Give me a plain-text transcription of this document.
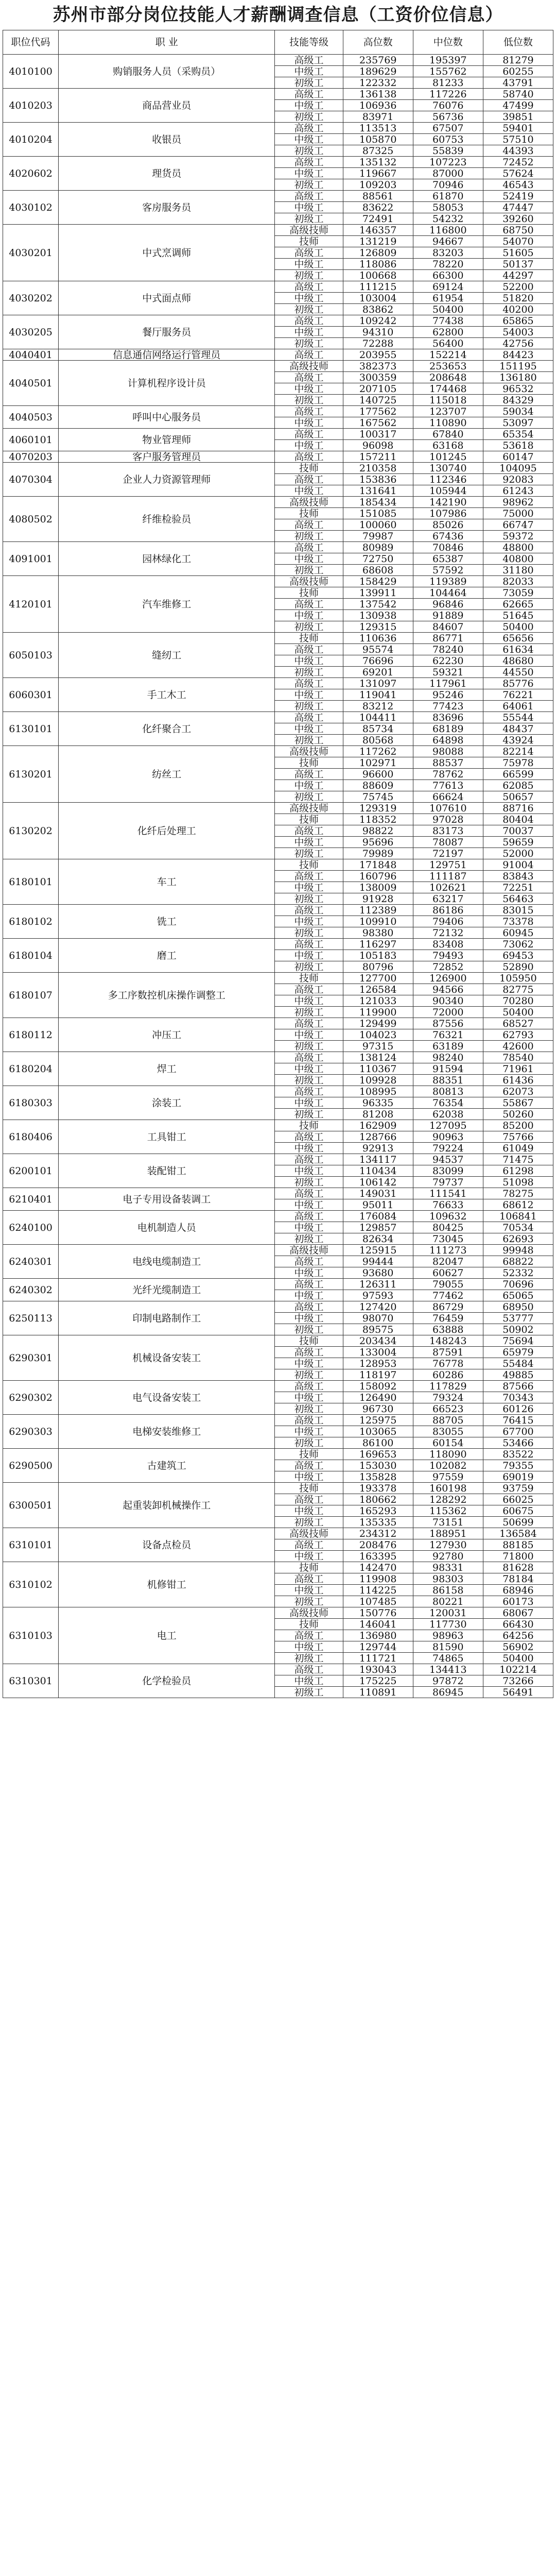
苏州市部分岗位技能人才薪酬调查信息（工资价位信息）
职位代码	职 业	技能等级	高位数	中位数	低位数
4010100	购销服务人员（采购员）	高级工	235769	195397	81279
		中级工	189629	155762	60255
		初级工	122332	81233	43791
4010203	商品营业员	高级工	136138	117226	58740
		中级工	106936	76076	47499
		初级工	83971	56736	39851
4010204	收银员	高级工	113513	67507	59401
		中级工	105870	60753	57510
		初级工	87325	55839	44393
4020602	理货员	高级工	135132	107223	72452
		中级工	119667	87000	57624
		初级工	109203	70946	46543
4030102	客房服务员	高级工	88561	61870	52419
		中级工	83622	58053	47447
		初级工	72491	54232	39260
4030201	中式烹调师	高级技师	146357	116800	68750
		技师	131219	94667	54070
		高级工	126809	83203	51605
		中级工	118086	78220	50137
		初级工	100668	66300	44297
4030202	中式面点师	高级工	111215	69124	52200
		中级工	103004	61954	51820
		初级工	83862	50400	40200
4030205	餐厅服务员	高级工	109242	77438	65865
		中级工	94310	62800	54003
		初级工	72288	56400	42756
4040401	信息通信网络运行管理员	高级工	203955	152214	84423
4040501	计算机程序设计员	高级技师	382373	253653	151195
		高级工	300359	208648	136180
		中级工	207105	174468	96532
		初级工	140725	115018	84329
4040503	呼叫中心服务员	高级工	177562	123707	59034
		中级工	167562	110890	53097
4060101	物业管理师	高级工	100317	67840	65354
		中级工	96098	63168	53618
4070203	客户服务管理员	高级工	157211	101245	60147
4070304	企业人力资源管理师	技师	210358	130740	104095
		高级工	153836	112346	92083
		中级工	131641	105944	61243
4080502	纤维检验员	高级技师	185434	142190	98962
		技师	151085	107986	75000
		高级工	100060	85026	66747
		初级工	79987	67436	59372
4091001	园林绿化工	高级工	80989	70846	48800
		中级工	72750	65387	40800
		初级工	68608	57592	31180
4120101	汽车维修工	高级技师	158429	119389	82033
		技师	139911	104464	73059
		高级工	137542	96846	62665
		中级工	130938	91889	51645
		初级工	129315	84607	50400
6050103	缝纫工	技师	110636	86771	65656
		高级工	95574	78240	61634
		中级工	76696	62230	48680
		初级工	69201	59321	44550
6060301	手工木工	高级工	131097	117961	85776
		中级工	119041	95246	76221
		初级工	83212	77423	64061
6130101	化纤聚合工	高级工	104411	83696	55544
		中级工	85734	68189	48437
		初级工	80568	64898	43924
6130201	纺丝工	高级技师	117262	98088	82214
		技师	102971	88537	75978
		高级工	96600	78762	66599
		中级工	88609	77613	62085
		初级工	75745	66624	50657
6130202	化纤后处理工	高级技师	129319	107610	88716
		技师	118352	97028	80404
		高级工	98822	83173	70037
		中级工	95696	78087	59659
		初级工	79989	72197	52000
6180101	车工	技师	171848	129751	91004
		高级工	160796	111187	83843
		中级工	138009	102621	72251
		初级工	91928	63217	56463
6180102	铣工	高级工	112389	86186	83015
		中级工	109910	79406	73378
		初级工	98380	72132	60945
6180104	磨工	高级工	116297	83408	73062
		中级工	105183	79493	69453
		初级工	80796	72852	52890
6180107	多工序数控机床操作调整工	技师	127700	126900	105950
		高级工	126584	94566	82775
		中级工	121033	90340	70280
		初级工	119900	72000	50400
6180112	冲压工	高级工	129499	87556	68527
		中级工	104023	76321	62793
		初级工	97315	63189	42600
6180204	焊工	高级工	138124	98240	78540
		中级工	110367	91594	71961
		初级工	109928	88351	61436
6180303	涂装工	高级工	108995	80813	62073
		中级工	96335	76354	55867
		初级工	81208	62038	50260
6180406	工具钳工	技师	162909	127095	85200
		高级工	128766	90963	75766
		中级工	92913	79224	61049
6200101	装配钳工	高级工	134117	94537	71475
		中级工	110434	83099	61298
		初级工	106142	79737	51098
6210401	电子专用设备装调工	高级工	149031	111541	78275
		中级工	95011	76633	68612
6240100	电机制造人员	高级工	176084	109632	106841
		中级工	129857	80425	70534
		初级工	82634	73045	62693
6240301	电线电缆制造工	高级技师	125915	111273	99948
		高级工	99444	82047	68822
		中级工	93680	60627	52332
6240302	光纤光缆制造工	高级工	126311	79055	70696
		中级工	97593	77462	65065
6250113	印制电路制作工	高级工	127420	86729	68950
		中级工	98070	76459	53777
		初级工	89575	63888	50902
6290301	机械设备安装工	技师	203434	148243	75694
		高级工	133004	87591	65979
		中级工	128953	76778	55484
		初级工	118197	60286	49885
6290302	电气设备安装工	高级工	158092	117829	87566
		中级工	126490	79324	70343
		初级工	96730	66523	60126
6290303	电梯安装维修工	高级工	125975	88705	76415
		中级工	103065	83055	67700
		初级工	86100	60154	53466
6290500	古建筑工	技师	169653	118090	83522
		高级工	153030	102082	79355
		中级工	135828	97559	69019
6300501	起重装卸机械操作工	技师	193378	160198	93759
		高级工	180662	128292	66025
		中级工	165293	115362	60675
		初级工	135335	73151	50699
6310101	设备点检员	高级技师	234312	188951	136584
		高级工	208476	127930	88185
		中级工	163395	92780	71800
6310102	机修钳工	技师	142470	98331	81628
		高级工	119908	98303	78184
		中级工	114225	86158	68946
		初级工	107485	80221	60173
6310103	电工	高级技师	150776	120031	68067
		技师	146041	117730	66430
		高级工	136980	98963	64256
		中级工	129744	81590	56902
		初级工	111721	74865	50400
6310301	化学检验员	高级工	193043	134413	102214
		中级工	175225	97872	73266
		初级工	110891	86945	56491
